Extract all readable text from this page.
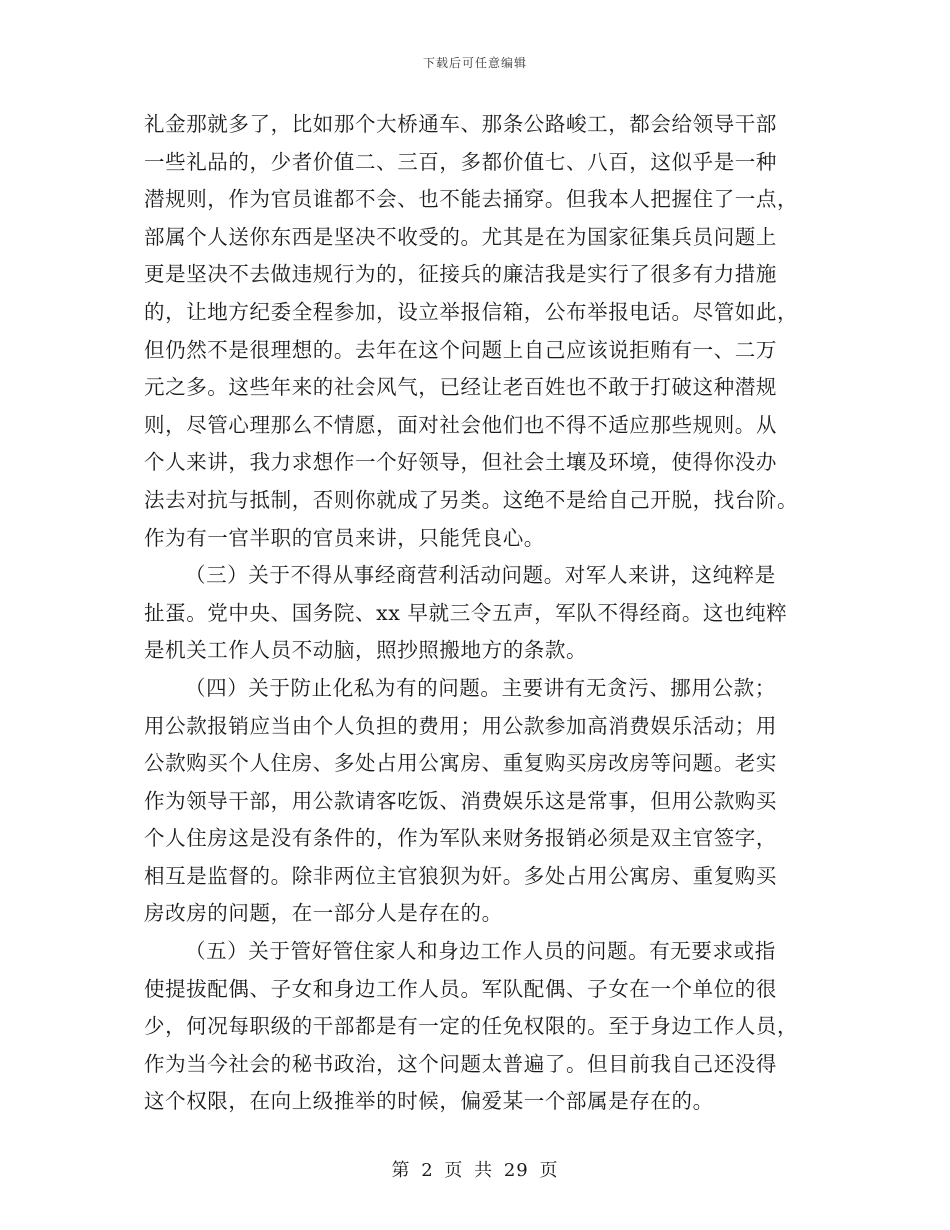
下载后可任意编辑
礼金那就多了，比如那个大桥通车、那条公路峻工，都会给领导干部
一些礼品的，少者价值二、三百，多都价值七、八百，这似乎是一种
潜规则，作为官员谁都不会、也不能去捅穿。但我本人把握住了一点，
部属个人送你东西是坚决不收受的。尤其是在为国家征集兵员问题上
更是坚决不去做违规行为的，征接兵的廉洁我是实行了很多有力措施
的，让地方纪委全程参加，设立举报信箱，公布举报电话。尽管如此，
但仍然不是很理想的。去年在这个问题上自己应该说拒贿有一、二万
元之多。这些年来的社会风气，已经让老百姓也不敢于打破这种潜规
则，尽管心理那么不情愿，面对社会他们也不得不适应那些规则。从
个人来讲，我力求想作一个好领导，但社会土壤及环境，使得你没办
法去对抗与抵制，否则你就成了另类。这绝不是给自己开脱，找台阶。
作为有一官半职的官员来讲，只能凭良心。
（三）关于不得从事经商营利活动问题。对军人来讲，这纯粹是
扯蛋。党中央、国务院、xx 早就三令五声，军队不得经商。这也纯粹
是机关工作人员不动脑，照抄照搬地方的条款。
（四）关于防止化私为有的问题。主要讲有无贪污、挪用公款；
用公款报销应当由个人负担的费用；用公款参加高消费娱乐活动；用
公款购买个人住房、多处占用公寓房、重复购买房改房等问题。老实
作为领导干部，用公款请客吃饭、消费娱乐这是常事，但用公款购买
个人住房这是没有条件的，作为军队来财务报销必须是双主官签字，
相互是监督的。除非两位主官狼狈为奸。多处占用公寓房、重复购买
房改房的问题，在一部分人是存在的。
（五）关于管好管住家人和身边工作人员的问题。有无要求或指
使提拔配偶、子女和身边工作人员。军队配偶、子女在一个单位的很
少，何况每职级的干部都是有一定的任免权限的。至于身边工作人员，
作为当今社会的秘书政治，这个问题太普遍了。但目前我自己还没得
这个权限，在向上级推举的时候，偏爱某一个部属是存在的。
第 2 页 共 29 页
